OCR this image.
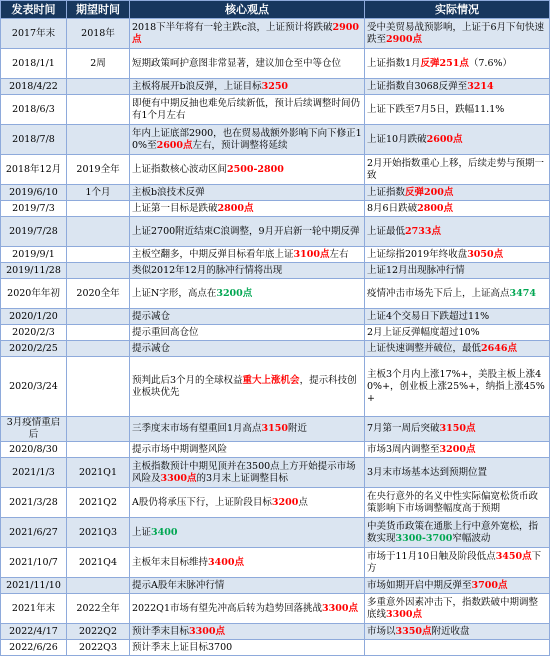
发表时间	期望时间	核心观点	实际情况
2017年末	2018年	2018下半年将有一轮主跌c浪，上证预计将跌破2900点	受中美贸易战预影响，上证于6月下旬快速跌至2900点
2018/1/1	2周	短期政策呵护意图非常显著，建议加仓至中等仓位	上证指数1月反弹251点（7.6%）
2018/4/22		主板将展开b浪反弹，上证目标3250	上证指数自3068反弹至3214
2018/6/3		即便有中期反抽也难免后续新低，预计后续调整时间仍有1个月左右	上证下跌至7月5日，跌幅11.1%
2018/7/8		年内上证底部2900，也在贸易战额外影响下向下修正10%至2600点左右，预计调整将延续	上证10月跌破2600点
2018年12月	2019全年	上证指数核心波动区间2500-2800	2月开始指数重心上移，后续走势与预期一致
2019/6/10	1个月	主板b浪技术反弹	上证指数反弹200点
2019/7/3		上证第一目标是跌破2800点	8月6日跌破2800点
2019/7/28		上证2700附近结束C浪调整，9月开启新一轮中期反弹	上证最低2733点
2019/9/1		主板空翻多，中期反弹目标看年底上证3100点左右	上证综指2019年终收盘3050点
2019/11/28		类似2012年12月的脉冲行情将出现	上证12月出现脉冲行情
2020年年初	2020全年	上证N字形，高点在3200点	疫情冲击市场先下后上，上证高点3474
2020/1/20		提示减仓	上证4个交易日下跌超过11%
2020/2/3		提示重回高仓位	2月上证反弹幅度超过10%
2020/2/25		提示减仓	上证快速调整并破位，最低2646点
2020/3/24		预判此后3个月的全球权益重大上涨机会，提示科技创业板块优先	主板3个月内上涨17%+，美股主板上涨40%+，创业板上涨25%+，纳指上涨45%+
3月疫情重启后		三季度末市场有望重回1月高点3150附近	7月第一周后突破3150点
2020/8/30		提示市场中期调整风险	市场3周内调整至3200点
2021/1/3	2021Q1	主板指数预计中期见顶并在3500点上方开始提示市场风险及3300点的3月末上证调整目标	3月末市场基本达到预期位置
2021/3/28	2021Q2	A股仍将承压下行，上证阶段目标3200点	在央行意外的名义中性实际偏宽松货币政策影响下市场调整幅度高于预期
2021/6/27	2021Q3	上证3400	中美货币政策在通胀上行中意外宽松，指数实现3300-3700窄幅波动
2021/10/7	2021Q4	主板年末目标维持3400点	市场于11月10日触及阶段低点3450点下方
2021/11/10		提示A股年末脉冲行情	市场如期开启中期反弹至3700点
2021年末	2022全年	2022Q1市场有望先冲高后转为趋势回落挑战3300点	多重意外因素冲击下，指数跌破中期调整底线3300点
2022/4/17	2022Q2	预计季末目标3300点	市场以3350点附近收盘
2022/6/26	2022Q3	预计季末上证目标3700	
